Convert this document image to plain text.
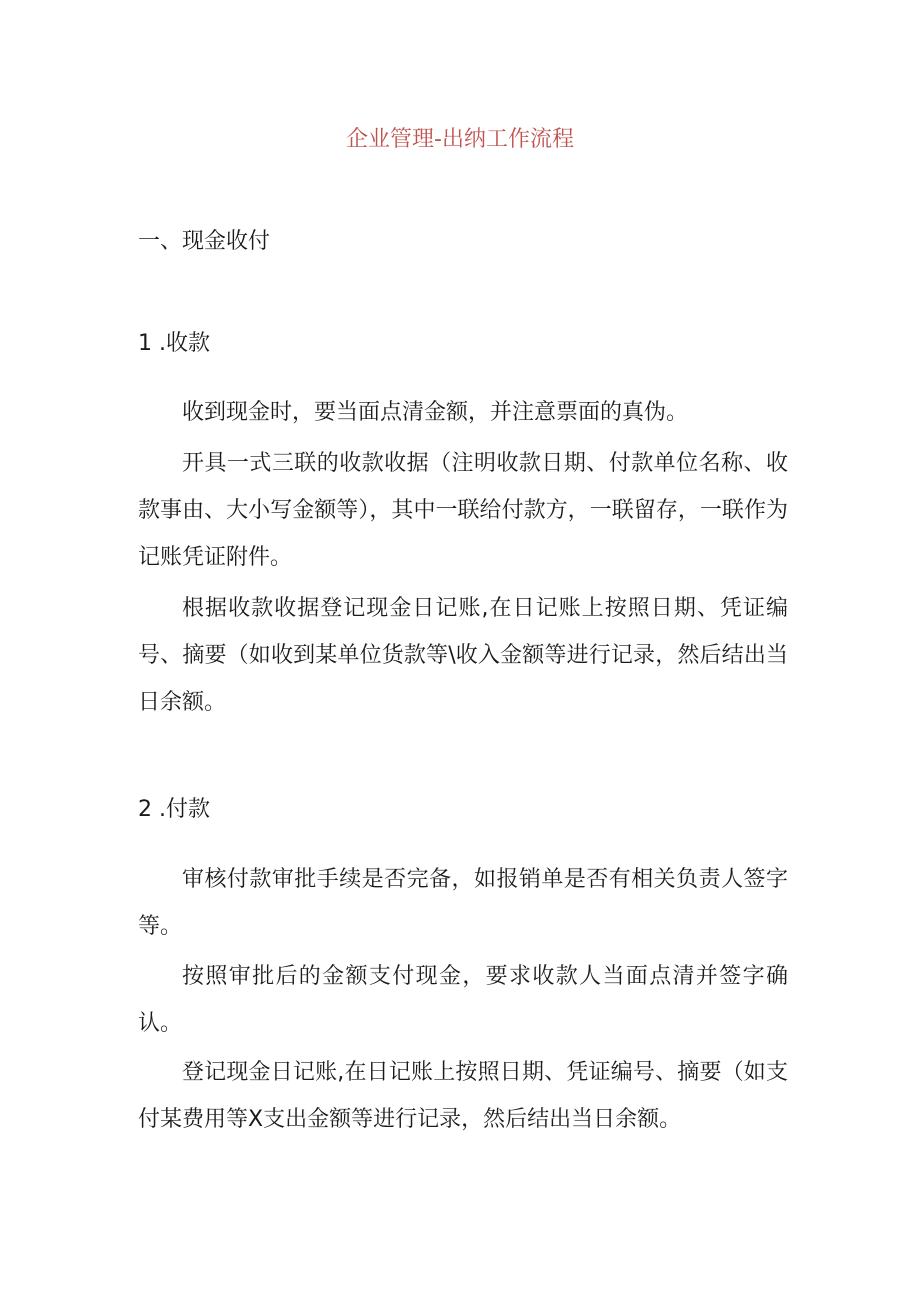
企业管理-出纳工作流程
一、现金收付
1 .收款
收到现金时，要当面点清金额，并注意票面的真伪。
开具一式三联的收款收据（注明收款日期、付款单位名称、收款事由、大小写金额等），其中一联给付款方，一联留存，一联作为记账凭证附件。
根据收款收据登记现金日记账,在日记账上按照日期、凭证编号、摘要（如收到某单位货款等\收入金额等进行记录，然后结出当日余额。
2 .付款
审核付款审批手续是否完备，如报销单是否有相关负责人签字等。
按照审批后的金额支付现金，要求收款人当面点清并签字确认。
登记现金日记账,在日记账上按照日期、凭证编号、摘要（如支付某费用等X支出金额等进行记录，然后结出当日余额。
